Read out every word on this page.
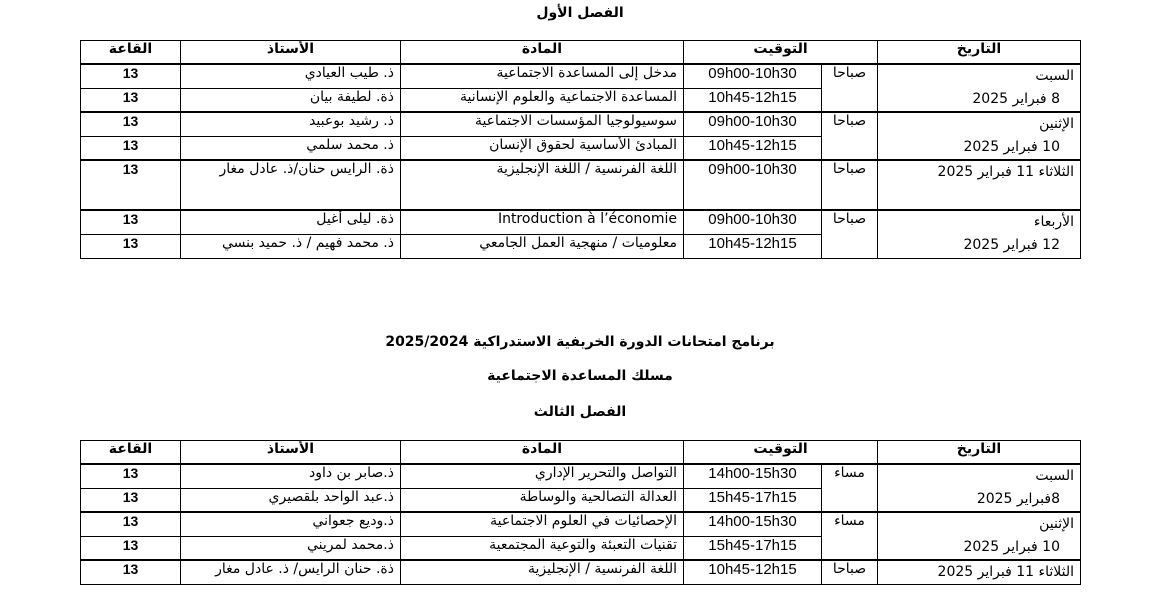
الفصل الأول
التاريخ	التوقيت		المادة	الأستاذ	القاعة

السبت
8 فبراير 2025	صباحا	09h00-10h30	مدخل إلى المساعدة الاجتماعية	ذ. طيب العيادي	13
		10h45-12h15	المساعدة الاجتماعية والعلوم الإنسانية	ذة. لطيفة بيان	13

الإثنين
10 فبراير 2025	صباحا	09h00-10h30	سوسيولوجيا المؤسسات الاجتماعية	ذ. رشيد بوعبيد	13
		10h45-12h15	المبادئ الأساسية لحقوق الإنسان	ذ. محمد سلمي	13

الثلاثاء 11 فبراير 2025	صباحا	09h00-10h30	اللغة الفرنسية / اللغة الإنجليزية	ذة. الرايس حنان/ذ. عادل مغار	13

الأربعاء
12 فبراير 2025	صباحا	09h00-10h30	Introduction à l’économie	ذة. ليلى أغيل	13
		10h45-12h15	معلوميات / منهجية العمل الجامعي	ذ. محمد فهيم / ذ. حميد بنسي	13
برنامج امتحانات الدورة الخريفية الاستدراكية 2025/2024
مسلك المساعدة الاجتماعية
الفصل الثالث
التاريخ	التوقيت		المادة	الأستاذ	القاعة

السبت
8فبراير 2025	مساء	14h00-15h30	التواصل والتحرير الإداري	ذ.صابر بن داود	13
		15h45-17h15	العدالة التصالحية والوساطة	ذ.عبد الواحد بلقصيري	13

الإثنين
10 فبراير 2025	مساء	14h00-15h30	الإحصائيات في العلوم الاجتماعية	ذ.وديع جعواني	13
		15h45-17h15	تقنيات التعبئة والتوعية المجتمعية	ذ.محمد لمريني	13

الثلاثاء 11 فبراير 2025	صباحا	10h45-12h15	اللغة الفرنسية / الإنجليزية	ذة. حنان الرايس/ ذ. عادل مغار	13
